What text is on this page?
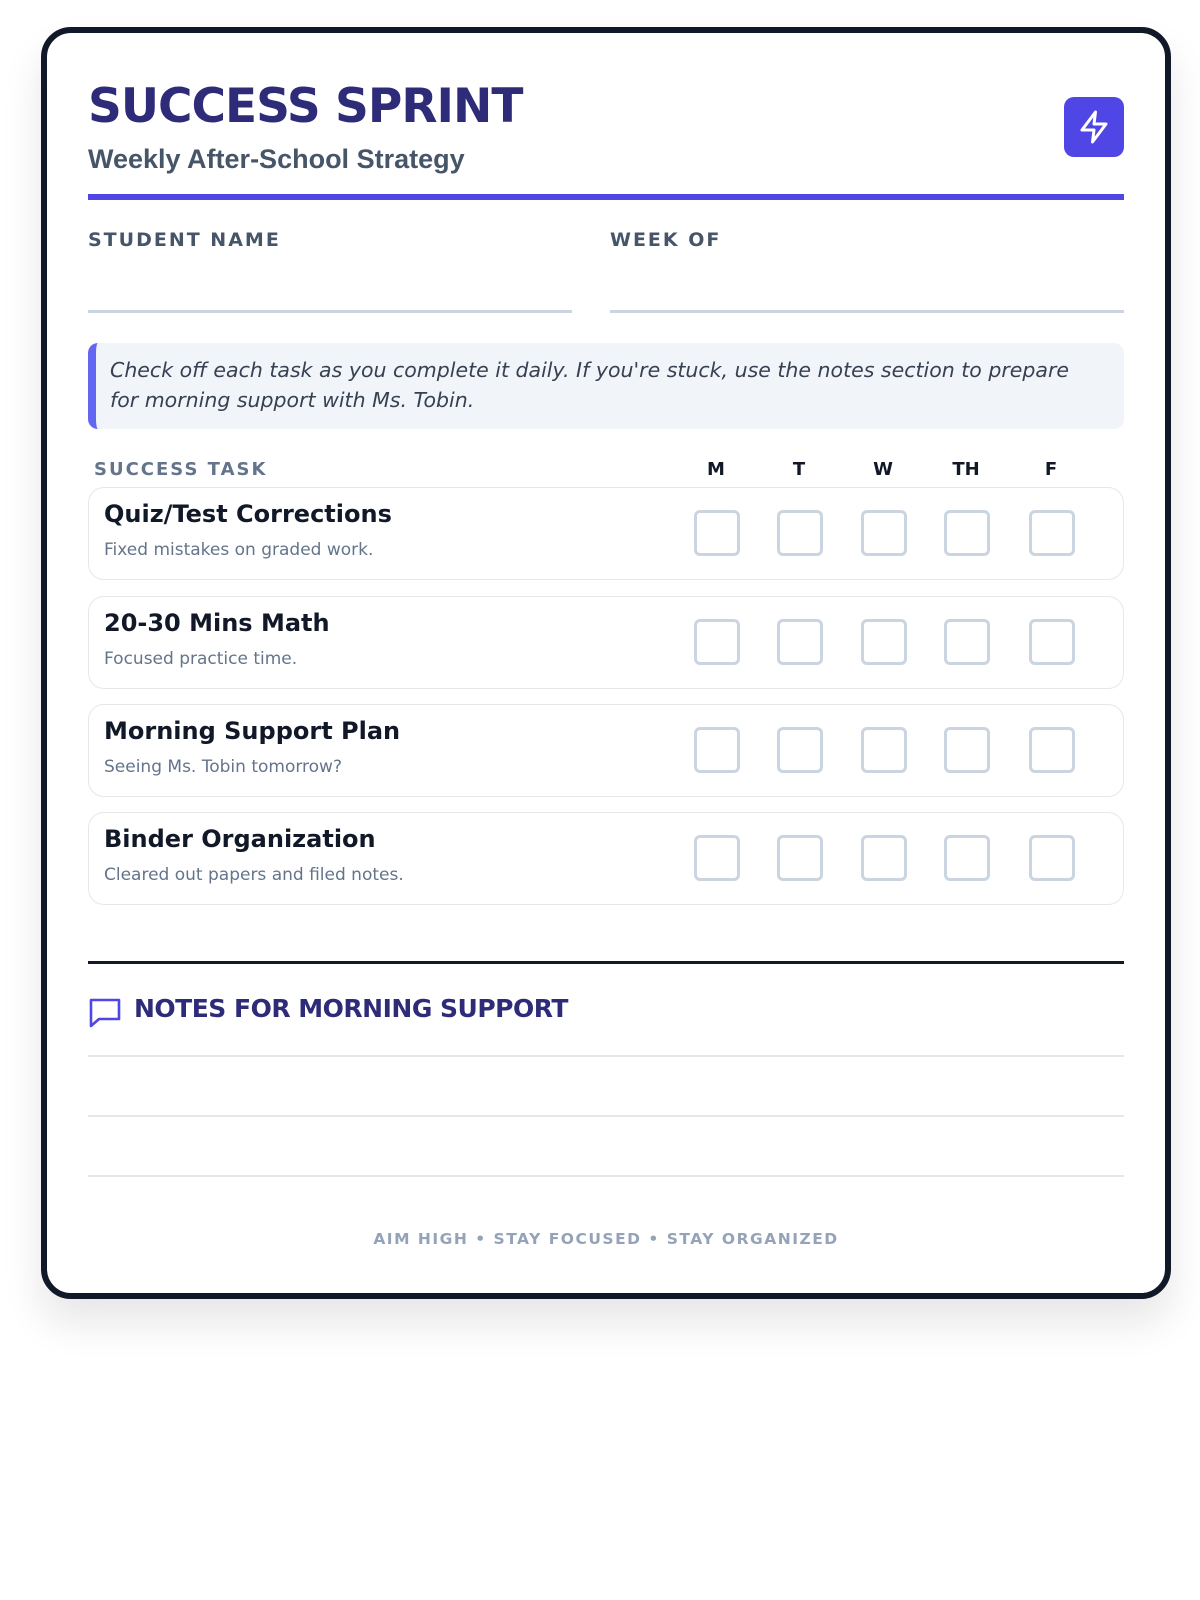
SUCCESS SPRINT
Weekly After-School Strategy
STUDENT NAME	WEEK OF
Check off each task as you complete it daily. If you're stuck, use the notes section to prepare for morning support with Ms. Tobin.
SUCCESS TASK	M	T	W	TH	F
Quiz/Test Corrections
Fixed mistakes on graded work.
20-30 Mins Math
Focused practice time.
Morning Support Plan
Seeing Ms. Tobin tomorrow?
Binder Organization
Cleared out papers and filed notes.
NOTES FOR MORNING SUPPORT
AIM HIGH • STAY FOCUSED • STAY ORGANIZED
